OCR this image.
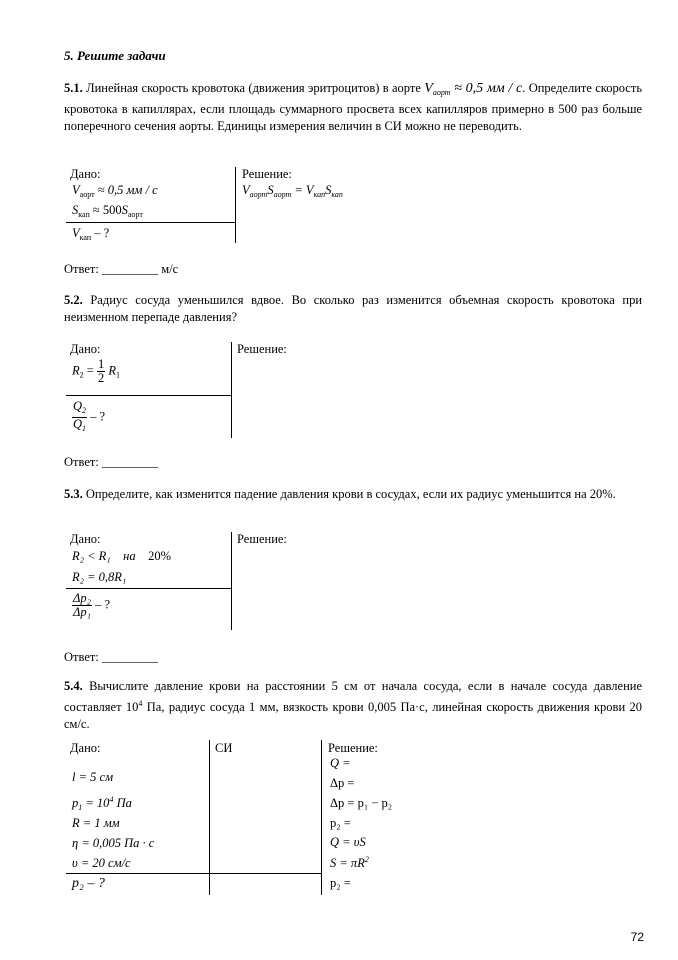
5. Решите задачи
5.1. Линейная скорость кровотока (движения эритроцитов) в аорте $V_{аорт} \approx 0,5$ мм / c. Определите скорость кровотока в капиллярах, если площадь суммарного просвета всех капилляров примерно в 500 раз больше поперечного сечения аорты. Единицы измерения величин в СИ можно не переводить.
Дано:
$V_{аорт} \approx 0,5$ мм / c
$S_{кап} \approx 500S_{аорт}$
$V_{кап}$ – ?
Решение:
$V_{аорт}S_{аорт} = V_{кап}S_{кап}$
Ответ: _________ м/с
5.2. Радиус сосуда уменьшился вдвое. Во сколько раз изменится объемная скорость кровотока при неизменном перепаде давления?
Дано:
$R_2 = \frac{1}{2} R_1$
$\frac{Q_2}{Q_1}$ – ?
Решение:
Ответ: _________
5.3. Определите, как изменится падение давления крови в сосудах, если их радиус уменьшится на 20%.
Дано:
R₂ < R₁ на 20%
R₂ = 0,8R₁
$\frac{\text{Δp₂}}{\text{Δp₁}}$ – ?
Решение:
Ответ: _________
5.4. Вычислите давление крови на расстоянии 5 см от начала сосуда, если в начале сосуда давление составляет $10^4$ Па, радиус сосуда 1 мм, вязкость крови 0,005 Па·с, линейная скорость движения крови 20 см/с.
Дано:	СИ	Решение:
l = 5 см
$p_1 = 10^4$ Па
R = 1 мм
η = 0,005 Па · с
υ = 20 см/с
p₂ – ?
Q =
Δp =
Δp = p₁ − p₂
p₂ =
Q = υS
$S = \pi R^2$
p₂ =
72
